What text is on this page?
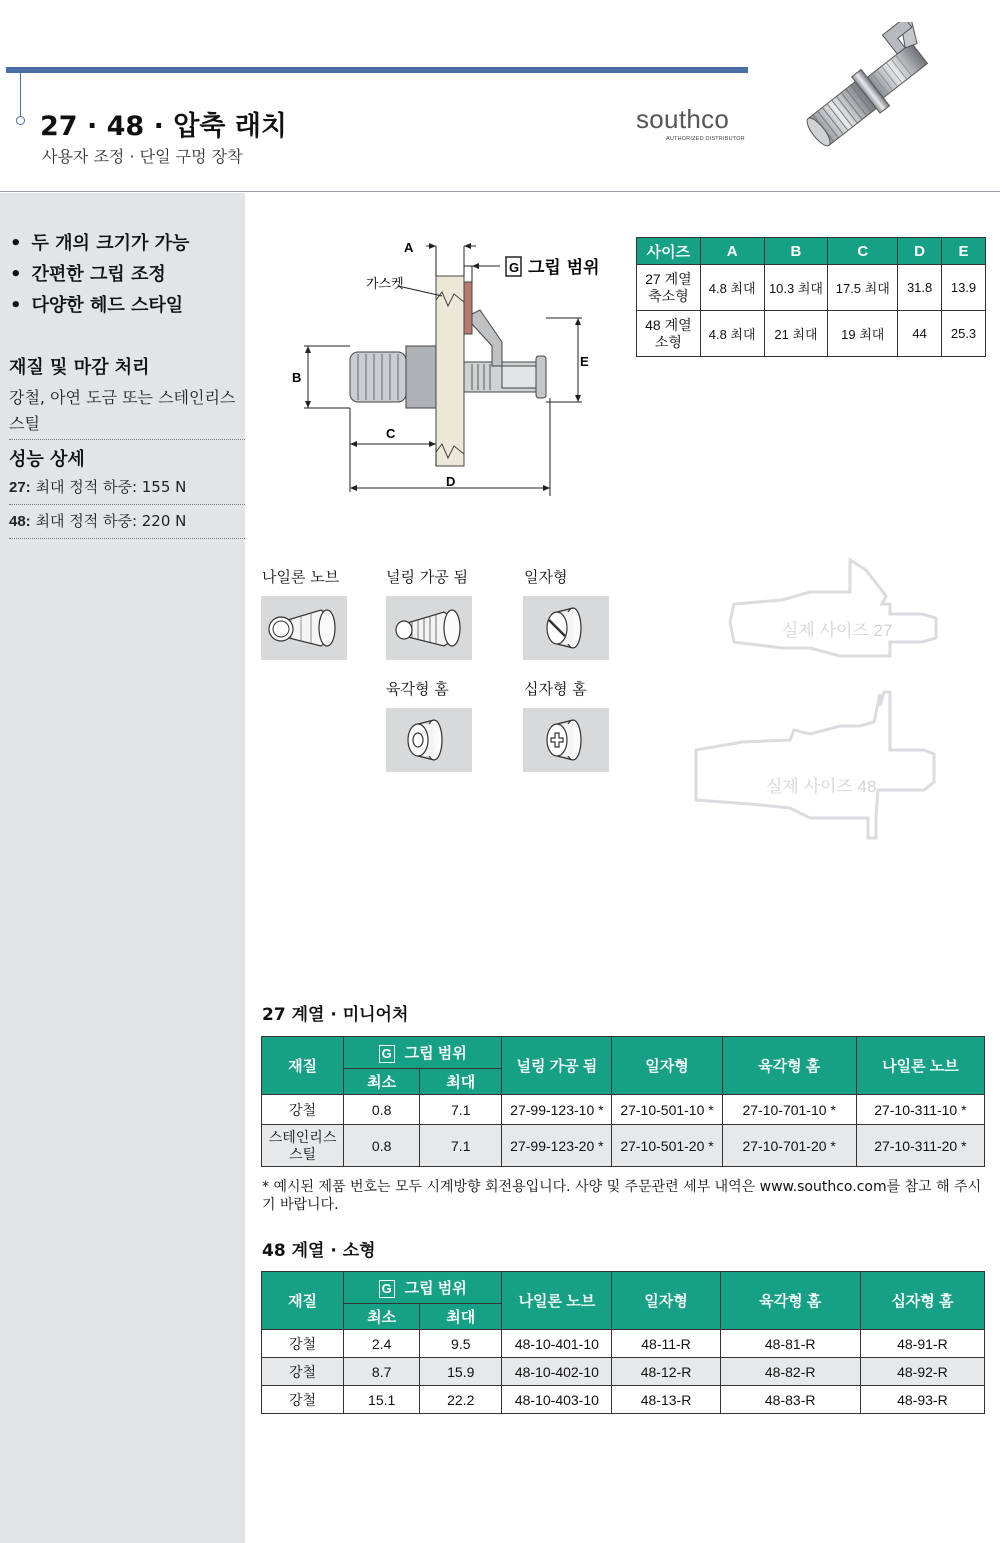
27 · 48 · 압축 래치
사용자 조정 · 단일 구멍 장착
southco
AUTHORIZED DISTRIBUTOR
• 두 개의 크기가 가능
• 간편한 그립 조정
• 다양한 헤드 스타일
재질 및 마감 처리
강철, 아연 도금 또는 스테인리스 스틸
성능 상세
27: 최대 정적 하중: 155 N
48: 최대 정적 하중: 220 N
A
B
C
D
E
가스켓
G 그립 범위
사이즈	A	B	C	D	E
27 계열 축소형	4.8 최대	10.3 최대	17.5 최대	31.8	13.9
48 계열 소형	4.8 최대	21 최대	19 최대	44	25.3
나일론 노브	널링 가공 됨	일자형
육각형 홈	십자형 홈
실제 사이즈 27
실제 사이즈 48
27 계열 · 미니어처
재질	G 그립 범위		널링 가공 됨	일자형	육각형 홈	나일론 노브
	최소	최대				
강철	0.8	7.1	27-99-123-10 *	27-10-501-10 *	27-10-701-10 *	27-10-311-10 *
스테인리스 스틸	0.8	7.1	27-99-123-20 *	27-10-501-20 *	27-10-701-20 *	27-10-311-20 *
* 예시된 제품 번호는 모두 시계방향 회전용입니다. 사양 및 주문관련 세부 내역은 www.southco.com를 참고 해 주시기 바랍니다.
48 계열 · 소형
재질	G 그립 범위		나일론 노브	일자형	육각형 홈	십자형 홈
	최소	최대				
강철	2.4	9.5	48-10-401-10	48-11-R	48-81-R	48-91-R
강철	8.7	15.9	48-10-402-10	48-12-R	48-82-R	48-92-R
강철	15.1	22.2	48-10-403-10	48-13-R	48-83-R	48-93-R
